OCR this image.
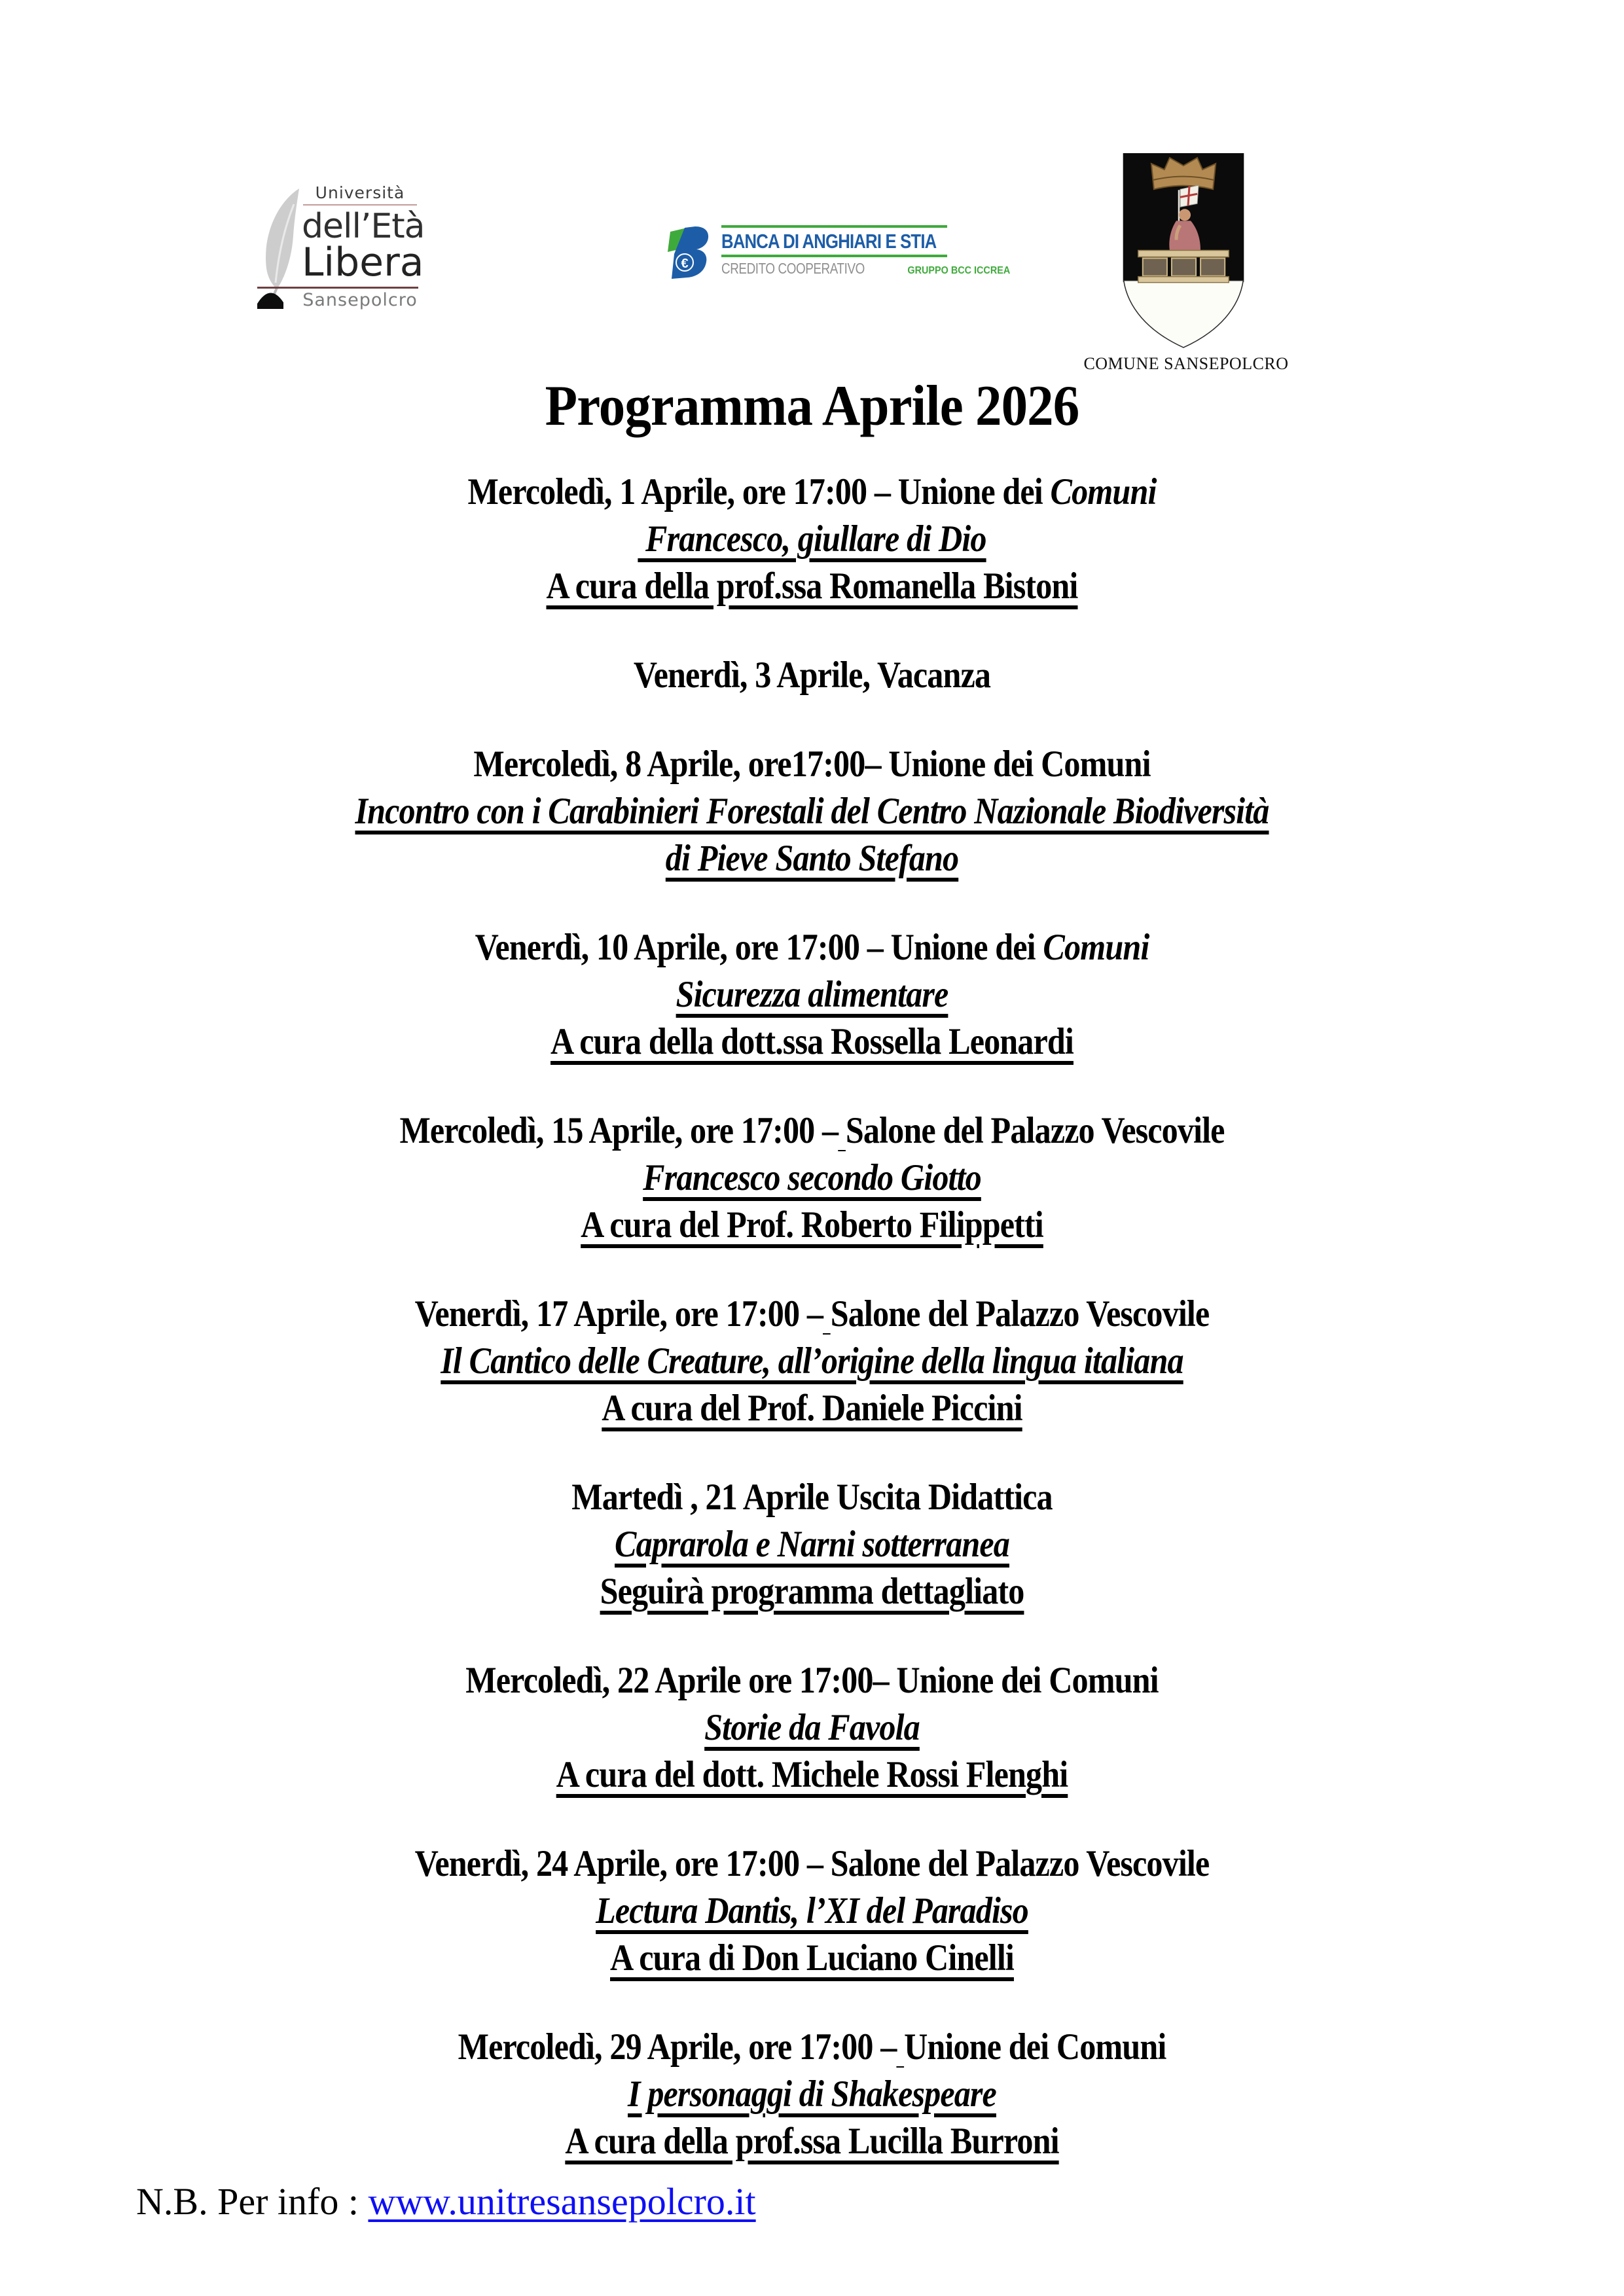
Università
dell’Età
Libera
Sansepolcro
€
BANCA DI ANGHIARI E STIA
CREDITO COOPERATIVO	GRUPPO BCC ICCREA
COMUNE SANSEPOLCRO
Programma Aprile 2026
Mercoledì, 1 Aprile, ore 17:00 – Unione dei Comuni
Francesco, giullare di Dio
A cura della prof.ssa Romanella Bistoni
Venerdì, 3 Aprile, Vacanza
Mercoledì, 8 Aprile, ore17:00– Unione dei Comuni
Incontro con i Carabinieri Forestali del Centro Nazionale Biodiversità
di Pieve Santo Stefano
Venerdì, 10 Aprile, ore 17:00 – Unione dei Comuni
Sicurezza alimentare
A cura della dott.ssa Rossella Leonardi
Mercoledì, 15 Aprile, ore 17:00 – Salone del Palazzo Vescovile
Francesco secondo Giotto
A cura del Prof. Roberto Filippetti
Venerdì, 17 Aprile, ore 17:00 – Salone del Palazzo Vescovile
Il Cantico delle Creature, all’origine della lingua italiana
A cura del Prof. Daniele Piccini
Martedì , 21 Aprile Uscita Didattica
Caprarola e Narni sotterranea
Seguirà programma dettagliato
Mercoledì, 22 Aprile ore 17:00– Unione dei Comuni
Storie da Favola
A cura del dott. Michele Rossi Flenghi
Venerdì, 24 Aprile, ore 17:00 – Salone del Palazzo Vescovile
Lectura Dantis, l’XI del Paradiso
A cura di Don Luciano Cinelli
Mercoledì, 29 Aprile, ore 17:00 – Unione dei Comuni
I personaggi di Shakespeare
A cura della prof.ssa Lucilla Burroni
N.B. Per info : www.unitresansepolcro.it
